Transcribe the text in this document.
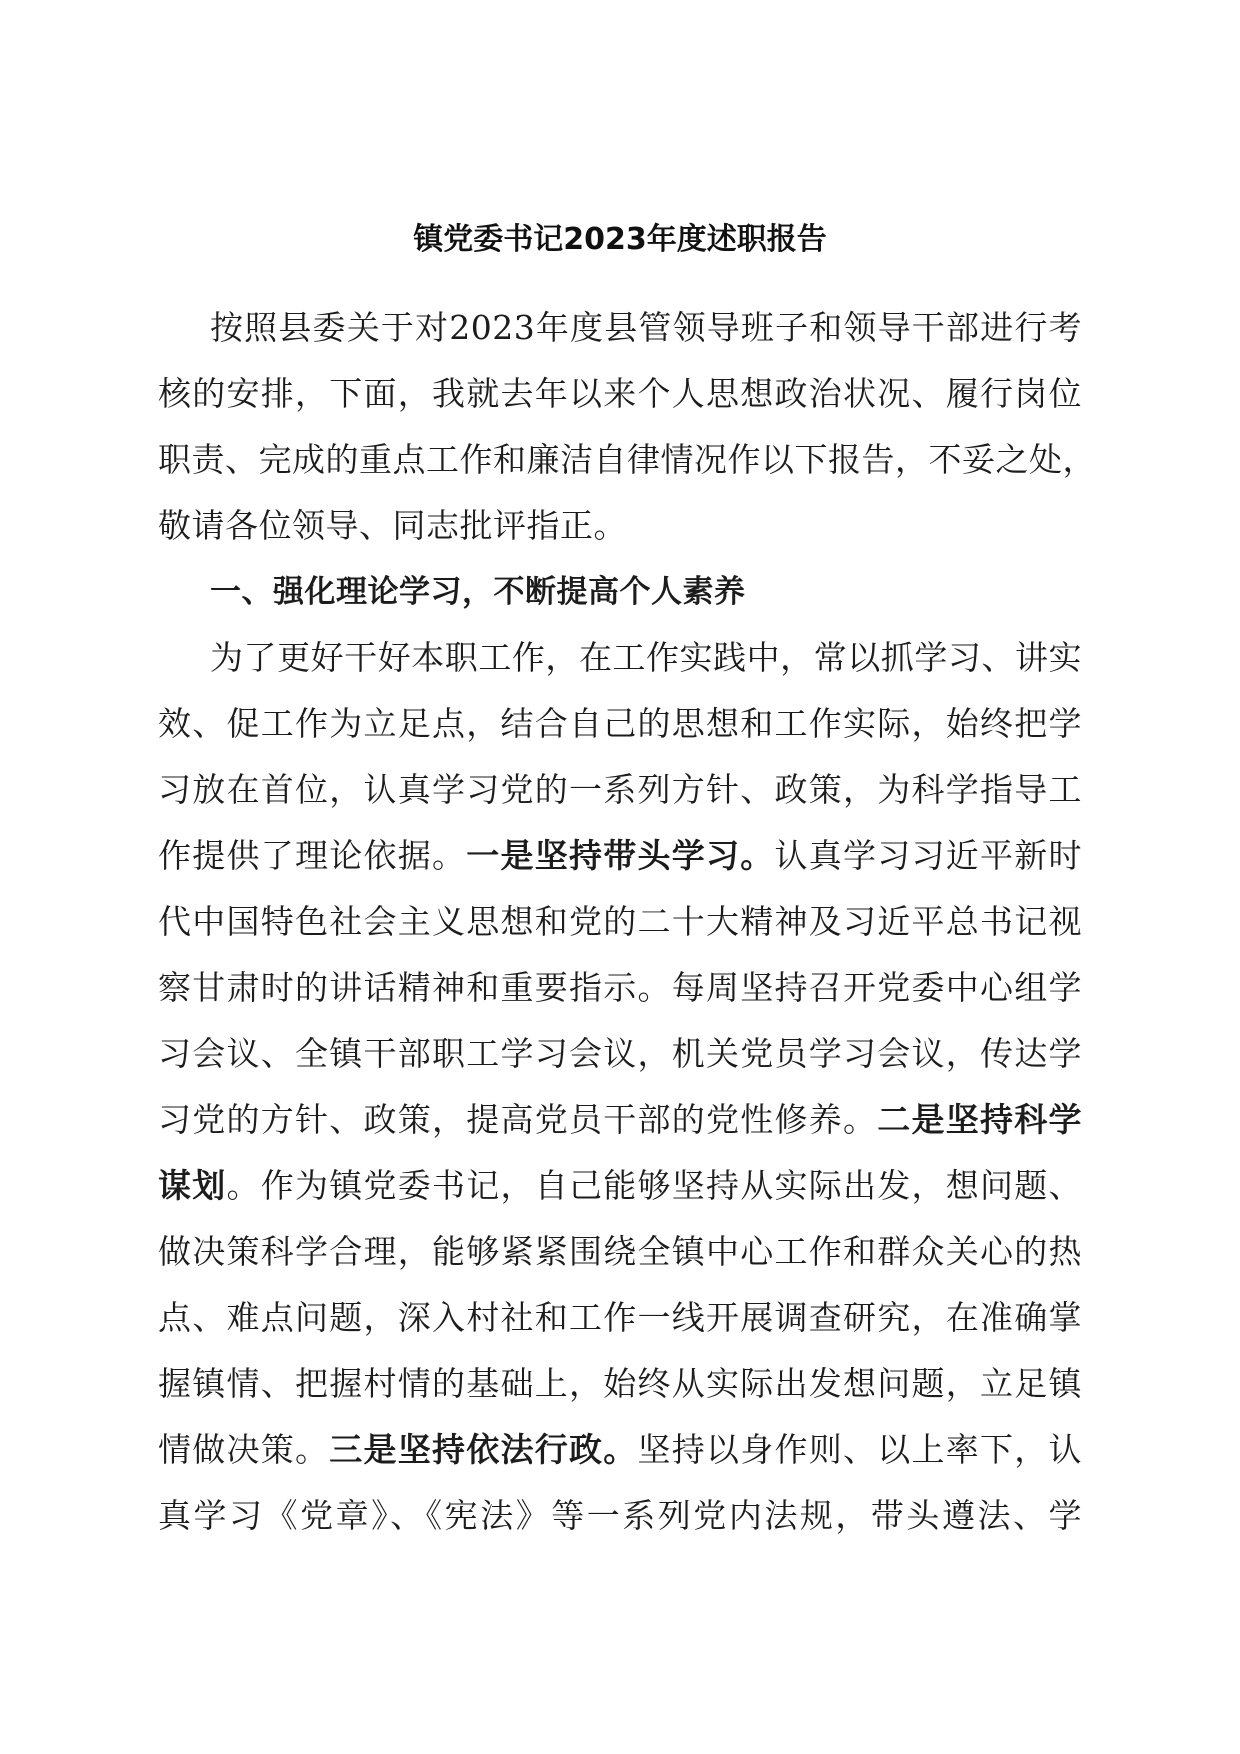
镇党委书记2023年度述职报告
按照县委关于对2023年度县管领导班子和领导干部进行考
核的安排，下面，我就去年以来个人思想政治状况、履行岗位
职责、完成的重点工作和廉洁自律情况作以下报告，不妥之处，
敬请各位领导、同志批评指正。
一、强化理论学习，不断提高个人素养
为了更好干好本职工作，在工作实践中，常以抓学习、讲实
效、促工作为立足点，结合自己的思想和工作实际，始终把学
习放在首位，认真学习党的一系列方针、政策，为科学指导工
作提供了理论依据。一是坚持带头学习。认真学习习近平新时
代中国特色社会主义思想和党的二十大精神及习近平总书记视
察甘肃时的讲话精神和重要指示。每周坚持召开党委中心组学
习会议、全镇干部职工学习会议，机关党员学习会议，传达学
习党的方针、政策，提高党员干部的党性修养。二是坚持科学
谋划。作为镇党委书记，自己能够坚持从实际出发，想问题、
做决策科学合理，能够紧紧围绕全镇中心工作和群众关心的热
点、难点问题，深入村社和工作一线开展调查研究，在准确掌
握镇情、把握村情的基础上，始终从实际出发想问题，立足镇
情做决策。三是坚持依法行政。坚持以身作则、以上率下，认
真学习《党章》、《宪法》等一系列党内法规，带头遵法、学
